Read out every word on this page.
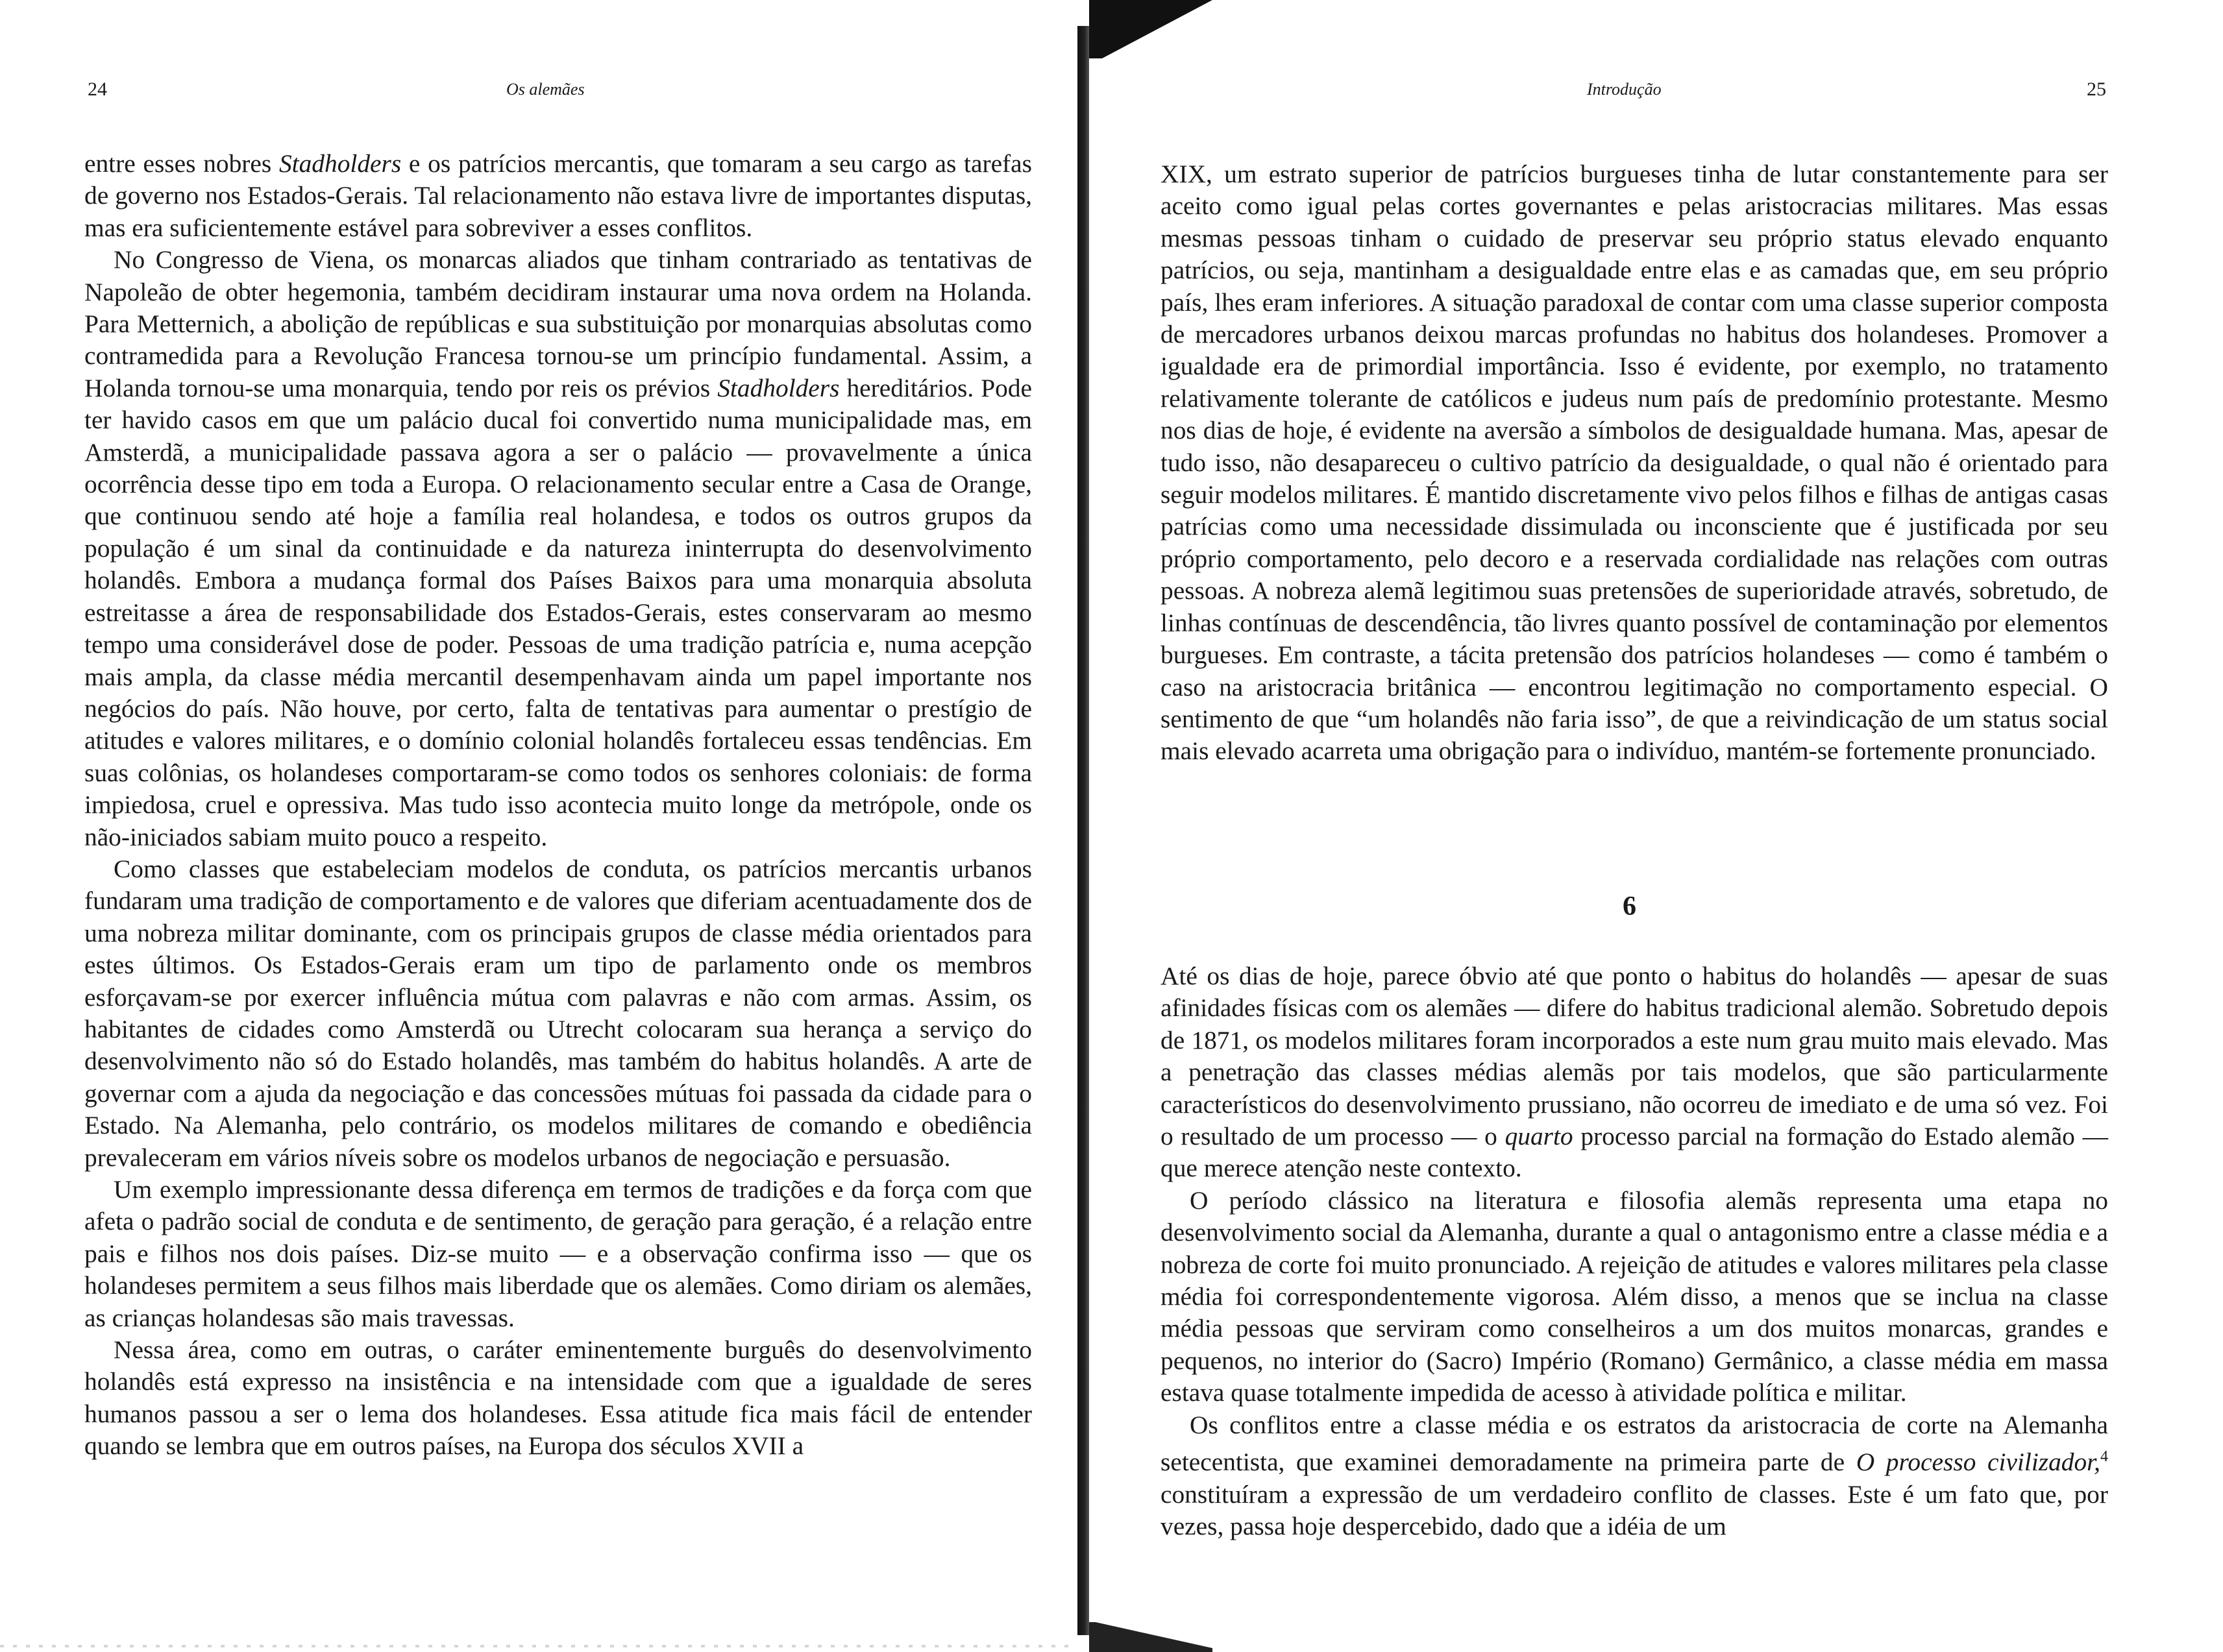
24	Os alemães

entre esses nobres Stadholders e os patrícios mercantis, que tomaram a seu cargo as tarefas de governo nos Estados-Gerais. Tal relacionamento não estava livre de importantes disputas, mas era suficientemente estável para sobreviver a esses conflitos.

No Congresso de Viena, os monarcas aliados que tinham contrariado as tentativas de Napoleão de obter hegemonia, também decidiram instaurar uma nova ordem na Holanda. Para Metternich, a abolição de repúblicas e sua substituição por monarquias absolutas como contramedida para a Revolução Francesa tornou-se um princípio fundamental. Assim, a Holanda tornou-se uma monarquia, tendo por reis os prévios Stadholders hereditários. Pode ter havido casos em que um palácio ducal foi convertido numa municipalidade mas, em Amsterdã, a municipalidade passava agora a ser o palácio — provavelmente a única ocorrência desse tipo em toda a Europa. O relacionamento secular entre a Casa de Orange, que continuou sendo até hoje a família real holandesa, e todos os outros grupos da população é um sinal da continuidade e da natureza ininterrupta do desenvolvimento holandês. Embora a mudança formal dos Países Baixos para uma monarquia absoluta estreitasse a área de responsabilidade dos Estados-Gerais, estes conservaram ao mesmo tempo uma considerável dose de poder. Pessoas de uma tradição patrícia e, numa acepção mais ampla, da classe média mercantil desempenhavam ainda um papel importante nos negócios do país. Não houve, por certo, falta de tentativas para aumentar o prestígio de atitudes e valores militares, e o domínio colonial holandês fortaleceu essas tendências. Em suas colônias, os holandeses comportaram-se como todos os senhores coloniais: de forma impiedosa, cruel e opressiva. Mas tudo isso acontecia muito longe da metrópole, onde os não-iniciados sabiam muito pouco a respeito.

Como classes que estabeleciam modelos de conduta, os patrícios mercantis urbanos fundaram uma tradição de comportamento e de valores que diferiam acentuadamente dos de uma nobreza militar dominante, com os principais grupos de classe média orientados para estes últimos. Os Estados-Gerais eram um tipo de parlamento onde os membros esforçavam-se por exercer influência mútua com palavras e não com armas. Assim, os habitantes de cidades como Amsterdã ou Utrecht colocaram sua herança a serviço do desenvolvimento não só do Estado holandês, mas também do habitus holandês. A arte de governar com a ajuda da negociação e das concessões mútuas foi passada da cidade para o Estado. Na Alemanha, pelo contrário, os modelos militares de comando e obediência prevaleceram em vários níveis sobre os modelos urbanos de negociação e persuasão.

Um exemplo impressionante dessa diferença em termos de tradições e da força com que afeta o padrão social de conduta e de sentimento, de geração para geração, é a relação entre pais e filhos nos dois países. Diz-se muito — e a observação confirma isso — que os holandeses permitem a seus filhos mais liberdade que os alemães. Como diriam os alemães, as crianças holandesas são mais travessas.

Nessa área, como em outras, o caráter eminentemente burguês do desenvolvimento holandês está expresso na insistência e na intensidade com que a igualdade de seres humanos passou a ser o lema dos holandeses. Essa atitude fica mais fácil de entender quando se lembra que em outros países, na Europa dos séculos XVII a

Introdução	25

XIX, um estrato superior de patrícios burgueses tinha de lutar constantemente para ser aceito como igual pelas cortes governantes e pelas aristocracias militares. Mas essas mesmas pessoas tinham o cuidado de preservar seu próprio status elevado enquanto patrícios, ou seja, mantinham a desigualdade entre elas e as camadas que, em seu próprio país, lhes eram inferiores. A situação paradoxal de contar com uma classe superior composta de mercadores urbanos deixou marcas profundas no habitus dos holandeses. Promover a igualdade era de primordial importância. Isso é evidente, por exemplo, no tratamento relativamente tolerante de católicos e judeus num país de predomínio protestante. Mesmo nos dias de hoje, é evidente na aversão a símbolos de desigualdade humana. Mas, apesar de tudo isso, não desapareceu o cultivo patrício da desigualdade, o qual não é orientado para seguir modelos militares. É mantido discretamente vivo pelos filhos e filhas de antigas casas patrícias como uma necessidade dissimulada ou inconsciente que é justificada por seu próprio comportamento, pelo decoro e a reservada cordialidade nas relações com outras pessoas. A nobreza alemã legitimou suas pretensões de superioridade através, sobretudo, de linhas contínuas de descendência, tão livres quanto possível de contaminação por elementos burgueses. Em contraste, a tácita pretensão dos patrícios holandeses — como é também o caso na aristocracia britânica — encontrou legitimação no comportamento especial. O sentimento de que “um holandês não faria isso”, de que a reivindicação de um status social mais elevado acarreta uma obrigação para o indivíduo, mantém-se fortemente pronunciado.

6

Até os dias de hoje, parece óbvio até que ponto o habitus do holandês — apesar de suas afinidades físicas com os alemães — difere do habitus tradicional alemão. Sobretudo depois de 1871, os modelos militares foram incorporados a este num grau muito mais elevado. Mas a penetração das classes médias alemãs por tais modelos, que são particularmente característicos do desenvolvimento prussiano, não ocorreu de imediato e de uma só vez. Foi o resultado de um processo — o quarto processo parcial na formação do Estado alemão — que merece atenção neste contexto.

O período clássico na literatura e filosofia alemãs representa uma etapa no desenvolvimento social da Alemanha, durante a qual o antagonismo entre a classe média e a nobreza de corte foi muito pronunciado. A rejeição de atitudes e valores militares pela classe média foi correspondentemente vigorosa. Além disso, a menos que se inclua na classe média pessoas que serviram como conselheiros a um dos muitos monarcas, grandes e pequenos, no interior do (Sacro) Império (Romano) Germânico, a classe média em massa estava quase totalmente impedida de acesso à atividade política e militar.

Os conflitos entre a classe média e os estratos da aristocracia de corte na Alemanha setecentista, que examinei demoradamente na primeira parte de O processo civilizador,$^4$ constituíram a expressão de um verdadeiro conflito de classes. Este é um fato que, por vezes, passa hoje despercebido, dado que a idéia de um
